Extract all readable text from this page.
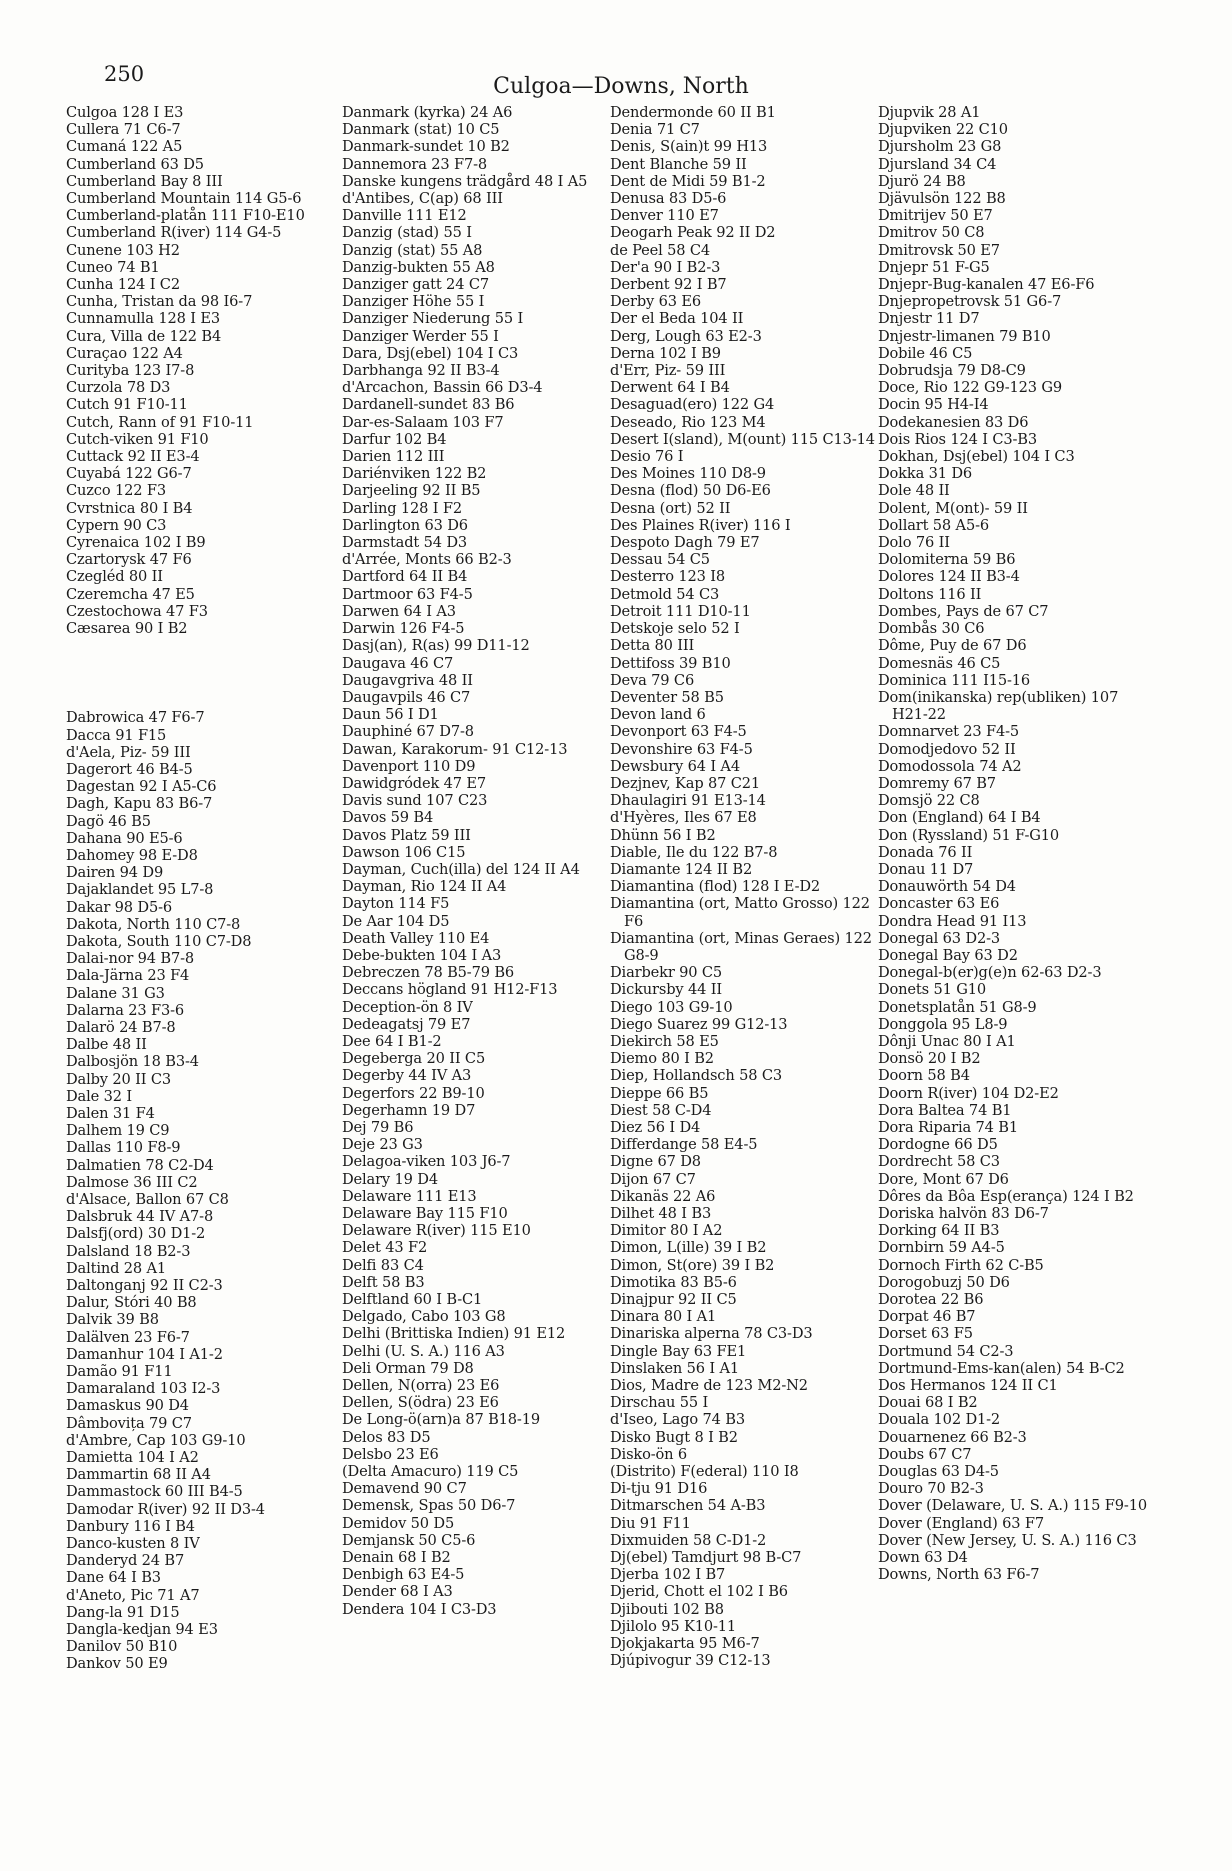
250	Culgoa—Downs, North
Culgoa 128 I E3
Cullera 71 C6-7
Cumaná 122 A5
Cumberland 63 D5
Cumberland Bay 8 III
Cumberland Mountain 114 G5-6
Cumberland-platån 111 F10-E10
Cumberland R(iver) 114 G4-5
Cunene 103 H2
Cuneo 74 B1
Cunha 124 I C2
Cunha, Tristan da 98 I6-7
Cunnamulla 128 I E3
Cura, Villa de 122 B4
Curaçao 122 A4
Curityba 123 I7-8
Curzola 78 D3
Cutch 91 F10-11
Cutch, Rann of 91 F10-11
Cutch-viken 91 F10
Cuttack 92 II E3-4
Cuyabá 122 G6-7
Cuzco 122 F3
Cvrstnica 80 I B4
Cypern 90 C3
Cyrenaica 102 I B9
Czartorysk 47 F6
Czegléd 80 II
Czeremcha 47 E5
Czestochowa 47 F3
Cæsarea 90 I B2
Dabrowica 47 F6-7
Dacca 91 F15
d'Aela, Piz- 59 III
Dagerort 46 B4-5
Dagestan 92 I A5-C6
Dagh, Kapu 83 B6-7
Dagö 46 B5
Dahana 90 E5-6
Dahomey 98 E-D8
Dairen 94 D9
Dajaklandet 95 L7-8
Dakar 98 D5-6
Dakota, North 110 C7-8
Dakota, South 110 C7-D8
Dalai-nor 94 B7-8
Dala-Järna 23 F4
Dalane 31 G3
Dalarna 23 F3-6
Dalarö 24 B7-8
Dalbe 48 II
Dalbosjön 18 B3-4
Dalby 20 II C3
Dale 32 I
Dalen 31 F4
Dalhem 19 C9
Dallas 110 F8-9
Dalmatien 78 C2-D4
Dalmose 36 III C2
d'Alsace, Ballon 67 C8
Dalsbruk 44 IV A7-8
Dalsfj(ord) 30 D1-2
Dalsland 18 B2-3
Daltind 28 A1
Daltonganj 92 II C2-3
Dalur, Stóri 40 B8
Dalvik 39 B8
Dalälven 23 F6-7
Damanhur 104 I A1-2
Damão 91 F11
Damaraland 103 I2-3
Damaskus 90 D4
Dâmbovița 79 C7
d'Ambre, Cap 103 G9-10
Damietta 104 I A2
Dammartin 68 II A4
Dammastock 60 III B4-5
Damodar R(iver) 92 II D3-4
Danbury 116 I B4
Danco-kusten 8 IV
Danderyd 24 B7
Dane 64 I B3
d'Aneto, Pic 71 A7
Dang-la 91 D15
Dangla-kedjan 94 E3
Danilov 50 B10
Dankov 50 E9
Danmark (kyrka) 24 A6
Danmark (stat) 10 C5
Danmark-sundet 10 B2
Dannemora 23 F7-8
Danske kungens trädgård 48 I A5
d'Antibes, C(ap) 68 III
Danville 111 E12
Danzig (stad) 55 I
Danzig (stat) 55 A8
Danzig-bukten 55 A8
Danziger gatt 24 C7
Danziger Höhe 55 I
Danziger Niederung 55 I
Danziger Werder 55 I
Dara, Dsj(ebel) 104 I C3
Darbhanga 92 II B3-4
d'Arcachon, Bassin 66 D3-4
Dardanell-sundet 83 B6
Dar-es-Salaam 103 F7
Darfur 102 B4
Darien 112 III
Dariénviken 122 B2
Darjeeling 92 II B5
Darling 128 I F2
Darlington 63 D6
Darmstadt 54 D3
d'Arrée, Monts 66 B2-3
Dartford 64 II B4
Dartmoor 63 F4-5
Darwen 64 I A3
Darwin 126 F4-5
Dasj(an), R(as) 99 D11-12
Daugava 46 C7
Daugavgriva 48 II
Daugavpils 46 C7
Daun 56 I D1
Dauphiné 67 D7-8
Dawan, Karakorum- 91 C12-13
Davenport 110 D9
Dawidgródek 47 E7
Davis sund 107 C23
Davos 59 B4
Davos Platz 59 III
Dawson 106 C15
Dayman, Cuch(illa) del 124 II A4
Dayman, Rio 124 II A4
Dayton 114 F5
De Aar 104 D5
Death Valley 110 E4
Debe-bukten 104 I A3
Debreczen 78 B5-79 B6
Deccans högland 91 H12-F13
Deception-ön 8 IV
Dedeagatsj 79 E7
Dee 64 I B1-2
Degeberga 20 II C5
Degerby 44 IV A3
Degerfors 22 B9-10
Degerhamn 19 D7
Dej 79 B6
Deje 23 G3
Delagoa-viken 103 J6-7
Delary 19 D4
Delaware 111 E13
Delaware Bay 115 F10
Delaware R(iver) 115 E10
Delet 43 F2
Delfi 83 C4
Delft 58 B3
Delftland 60 I B-C1
Delgado, Cabo 103 G8
Delhi (Brittiska Indien) 91 E12
Delhi (U. S. A.) 116 A3
Deli Orman 79 D8
Dellen, N(orra) 23 E6
Dellen, S(ödra) 23 E6
De Long-ö(arn)a 87 B18-19
Delos 83 D5
Delsbo 23 E6
(Delta Amacuro) 119 C5
Demavend 90 C7
Demensk, Spas 50 D6-7
Demidov 50 D5
Demjansk 50 C5-6
Denain 68 I B2
Denbigh 63 E4-5
Dender 68 I A3
Dendera 104 I C3-D3
Dendermonde 60 II B1
Denia 71 C7
Denis, S(ain)t 99 H13
Dent Blanche 59 II
Dent de Midi 59 B1-2
Denusa 83 D5-6
Denver 110 E7
Deogarh Peak 92 II D2
de Peel 58 C4
Der'a 90 I B2-3
Derbent 92 I B7
Derby 63 E6
Der el Beda 104 II
Derg, Lough 63 E2-3
Derna 102 I B9
d'Err, Piz- 59 III
Derwent 64 I B4
Desaguad(ero) 122 G4
Deseado, Rio 123 M4
Desert I(sland), M(ount) 115 C13-14
Desio 76 I
Des Moines 110 D8-9
Desna (flod) 50 D6-E6
Desna (ort) 52 II
Des Plaines R(iver) 116 I
Despoto Dagh 79 E7
Dessau 54 C5
Desterro 123 I8
Detmold 54 C3
Detroit 111 D10-11
Detskoje selo 52 I
Detta 80 III
Dettifoss 39 B10
Deva 79 C6
Deventer 58 B5
Devon land 6
Devonport 63 F4-5
Devonshire 63 F4-5
Dewsbury 64 I A4
Dezjnev, Kap 87 C21
Dhaulagiri 91 E13-14
d'Hyères, Iles 67 E8
Dhünn 56 I B2
Diable, Ile du 122 B7-8
Diamante 124 II B2
Diamantina (flod) 128 I E-D2
Diamantina (ort, Matto Grosso) 122 F6
Diamantina (ort, Minas Geraes) 122 G8-9
Diarbekr 90 C5
Dickursby 44 II
Diego 103 G9-10
Diego Suarez 99 G12-13
Diekirch 58 E5
Diemo 80 I B2
Diep, Hollandsch 58 C3
Dieppe 66 B5
Diest 58 C-D4
Diez 56 I D4
Differdange 58 E4-5
Digne 67 D8
Dijon 67 C7
Dikanäs 22 A6
Dilhet 48 I B3
Dimitor 80 I A2
Dimon, L(ille) 39 I B2
Dimon, St(ore) 39 I B2
Dimotika 83 B5-6
Dinajpur 92 II C5
Dinara 80 I A1
Dinariska alperna 78 C3-D3
Dingle Bay 63 FE1
Dinslaken 56 I A1
Dios, Madre de 123 M2-N2
Dirschau 55 I
d'Iseo, Lago 74 B3
Disko Bugt 8 I B2
Disko-ön 6
(Distrito) F(ederal) 110 I8
Di-tju 91 D16
Ditmarschen 54 A-B3
Diu 91 F11
Dixmuiden 58 C-D1-2
Dj(ebel) Tamdjurt 98 B-C7
Djerba 102 I B7
Djerid, Chott el 102 I B6
Djibouti 102 B8
Djilolo 95 K10-11
Djokjakarta 95 M6-7
Djúpivogur 39 C12-13
Djupvik 28 A1
Djupviken 22 C10
Djursholm 23 G8
Djursland 34 C4
Djurö 24 B8
Djävulsön 122 B8
Dmitrijev 50 E7
Dmitrov 50 C8
Dmitrovsk 50 E7
Dnjepr 51 F-G5
Dnjepr-Bug-kanalen 47 E6-F6
Dnjepropetrovsk 51 G6-7
Dnjestr 11 D7
Dnjestr-limanen 79 B10
Dobile 46 C5
Dobrudsja 79 D8-C9
Doce, Rio 122 G9-123 G9
Docin 95 H4-I4
Dodekanesien 83 D6
Dois Rios 124 I C3-B3
Dokhan, Dsj(ebel) 104 I C3
Dokka 31 D6
Dole 48 II
Dolent, M(ont)- 59 II
Dollart 58 A5-6
Dolo 76 II
Dolomiterna 59 B6
Dolores 124 II B3-4
Doltons 116 II
Dombes, Pays de 67 C7
Dombås 30 C6
Dôme, Puy de 67 D6
Domesnäs 46 C5
Dominica 111 I15-16
Dom(inikanska) rep(ubliken) 107 H21-22
Domnarvet 23 F4-5
Domodjedovo 52 II
Domodossola 74 A2
Domremy 67 B7
Domsjö 22 C8
Don (England) 64 I B4
Don (Ryssland) 51 F-G10
Donada 76 II
Donau 11 D7
Donauwörth 54 D4
Doncaster 63 E6
Dondra Head 91 I13
Donegal 63 D2-3
Donegal Bay 63 D2
Donegal-b(er)g(e)n 62-63 D2-3
Donets 51 G10
Donetsplatån 51 G8-9
Donggola 95 L8-9
Dônji Unac 80 I A1
Donsö 20 I B2
Doorn 58 B4
Doorn R(iver) 104 D2-E2
Dora Baltea 74 B1
Dora Riparia 74 B1
Dordogne 66 D5
Dordrecht 58 C3
Dore, Mont 67 D6
Dôres da Bôa Esp(erança) 124 I B2
Doriska halvön 83 D6-7
Dorking 64 II B3
Dornbirn 59 A4-5
Dornoch Firth 62 C-B5
Dorogobuzj 50 D6
Dorotea 22 B6
Dorpat 46 B7
Dorset 63 F5
Dortmund 54 C2-3
Dortmund-Ems-kan(alen) 54 B-C2
Dos Hermanos 124 II C1
Douai 68 I B2
Douala 102 D1-2
Douarnenez 66 B2-3
Doubs 67 C7
Douglas 63 D4-5
Douro 70 B2-3
Dover (Delaware, U. S. A.) 115 F9-10
Dover (England) 63 F7
Dover (New Jersey, U. S. A.) 116 C3
Down 63 D4
Downs, North 63 F6-7
